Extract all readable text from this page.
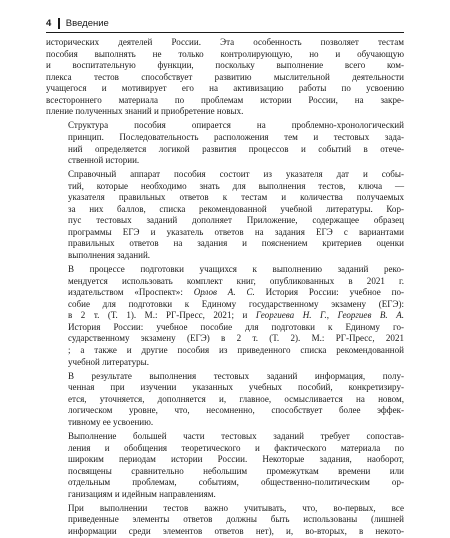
4 Введение

исторических деятелей России. Эта особенность позволяет тестам
пособия выполнять не только контролирующую, но и обучающую
и воспитательную функции, поскольку выполнение всего ком-
плекса тестов способствует развитию мыслительной деятельности
учащегося и мотивирует его на активизацию работы по усвоению
всестороннего материала по проблемам истории России, на закре-
пление полученных знаний и приобретение новых.

Структура пособия опирается на проблемно-хронологический
принцип. Последовательность расположения тем и тестовых зада-
ний определяется логикой развития процессов и событий в отече-
ственной истории.

Справочный аппарат пособия состоит из указателя дат и собы-
тий, которые необходимо знать для выполнения тестов, ключа —
указателя правильных ответов к тестам и количества получаемых
за них баллов, списка рекомендованной учебной литературы. Кор-
пус тестовых заданий дополняет Приложение, содержащее образец
программы ЕГЭ и указатель ответов на задания ЕГЭ с вариантами
правильных ответов на задания и пояснением критериев оценки
выполнения заданий.

В процессе подготовки учащихся к выполнению заданий реко-
мендуется использовать комплект книг, опубликованных в 2021 г.
издательством «Проспект»: Орлов А. С. История России: учебное по-
собие для подготовки к Единому государственному экзамену (ЕГЭ):
в 2 т. (Т. 1). М.: РГ-Пресс, 2021; и Георгиева Н. Г., Георгиев В. А.
История России: учебное пособие для подготовки к Единому го-
сударственному экзамену (ЕГЭ) в 2 т. (Т. 2). М.: РГ-Пресс, 2021
; а также и другие пособия из приведенного списка рекомендованной
учебной литературы.

В результате выполнения тестовых заданий информация, полу-
ченная при изучении указанных учебных пособий, конкретизиру-
ется, уточняется, дополняется и, главное, осмысливается на новом,
логическом уровне, что, несомненно, способствует более эффек-
тивному ее усвоению.

Выполнение большей части тестовых заданий требует сопостав-
ления и обобщения теоретического и фактического материала по
широким периодам истории России. Некоторые задания, наоборот,
посвящены сравнительно небольшим промежуткам времени или
отдельным проблемам, событиям, общественно-политическим ор-
ганизациям и идейным направлениям.

При выполнении тестов важно учитывать, что, во-первых, все
приведенные элементы ответов должны быть использованы (лишней
информации среди элементов ответов нет), и, во-вторых, в некото-
